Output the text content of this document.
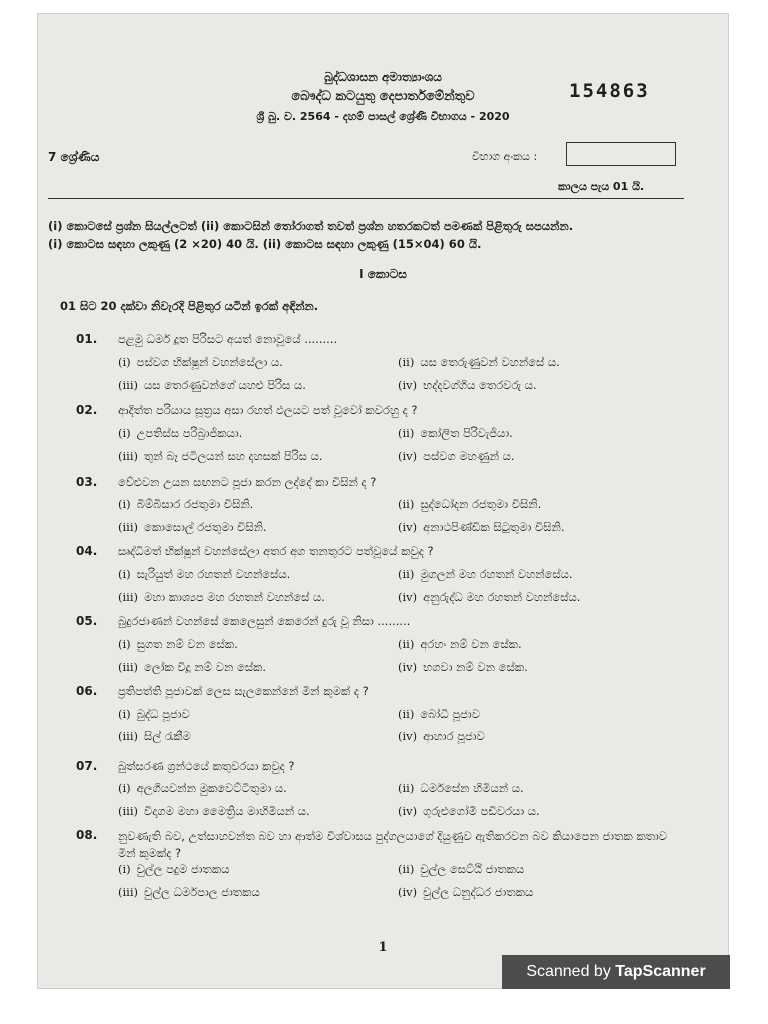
බුද්ධශාසන අමාත්‍යාංශය
බෞද්ධ කටයුතු දෙපාර්තමේන්තුව
ශ්‍රී බු. ව. 2564 - දහම් පාසල් ශ්‍රේණි විභාගය - 2020
154863
7 ශ්‍රේණිය	විභාග අංකය :
කාලය පැය 01 යි.
(i) කොටසේ ප්‍රශ්න සියල්ලටත් (ii) කොටසින් තෝරාගත් තවත් ප්‍රශ්න හතරකටත් පමණක් පිළිතුරු සපයන්න.
(i) කොටස සඳහා ලකුණු (2 ×20) 40 යි. (ii) කොටස සඳහා ලකුණු (15×04) 60 යි.
I කොටස
01 සිට 20 දක්වා නිවැරදි පිළිතුර යටින් ඉරක් අඳින්න.
01. පළමු ධර්ම දූත පිරිසට අයත් නොවූයේ .........
(i) පස්වග භික්ෂූන් වහන්සේලා ය.	(ii) යස තෙරුණුවන් වහන්සේ ය.
(iii) යස තෙරණුවන්ගේ යහළු පිරිස ය.	(iv) භද්දවග්ගිය තෙරවරු ය.
02. ආදිත්ත පරියාය සූත්‍රය අසා රහත් ඵලයට පත් වූවෝ කවරහු ද ?
(i) උපතිස්ස පරිබ්‍රාජිකයා.	(ii) කෝලිත පිරිවැජියා.
(iii) තුන් බෑ ජටිලයන් සහ දහසක් පිරිස ය.	(iv) පස්වග මහණුන් ය.
03. වේළුවන උයන සඟනට පූජා කරන ලද්දේ කා විසින් ද ?
(i) බිම්බිසාර රජතුමා විසිනි.	(ii) සුද්ධෝදන රජතුමා විසිනි.
(iii) කොසොල් රජතුමා විසිනි.	(iv) අනාථපිණ්ඩික සිටුතුමා විසිනි.
04. සෘද්ධිමත් භික්ෂූන් වහන්සේලා අතර අග තනතුරට පත්වූයේ කවුද ?
(i) සැරියුත් මහ රහතන් වහන්සේය.	(ii) මුගලන් මහ රහතන් වහන්සේය.
(iii) මහා කාශ්‍යප මහ රහතන් වහන්සේ ය.	(iv) අනුරුද්ධ මහ රහතන් වහන්සේය.
05. බුදුරජාණන් වහන්සේ කෙලෙසුන් කෙරෙන් දුරු වූ නිසා .........
(i) සුගත නම් වන සේක.	(ii) අරහං නම් වන සේක.
(iii) ලෝක විදූ නම් වන සේක.	(iv) භගවා නම් වන සේක.
06. ප්‍රතිපත්ති පූජාවක් ලෙස සැලකෙන්නේ මින් කුමක් ද ?
(i) බුද්ධ පූජාව	(ii) බෝධි පූජාව
(iii) සිල් රැකීම	(iv) ආහාර පූජාව
07. බුත්සරණ ග්‍රන්ථයේ කතුවරයා කවුද ?
(i) අලගියවන්න මුකවෙට්ටිතුමා ය.	(ii) ධර්මසේන හිමියන් ය.
(iii) විදාගම මහා මෛත්‍රිය මාහිමියන් ය.	(iv) ගුරුළුගෝමී පඩිවරයා ය.
08. නුවණැති බව, උත්සාහවන්ත බව හා ආත්ම විශ්වාසය පුද්ගලයාගේ දියුණුව ඇතිකරවන බව කියාපෙන ජාතක කතාව මින් කුමක්ද ?
(i) චුල්ල පදුම ජාතකය	(ii) චුල්ල සෙට්ඨි ජාතකය
(iii) චුල්ල ධර්මපාල ජාතකය	(iv) චුල්ල ධනුද්ධර ජාතකය
1
Scanned by TapScanner
